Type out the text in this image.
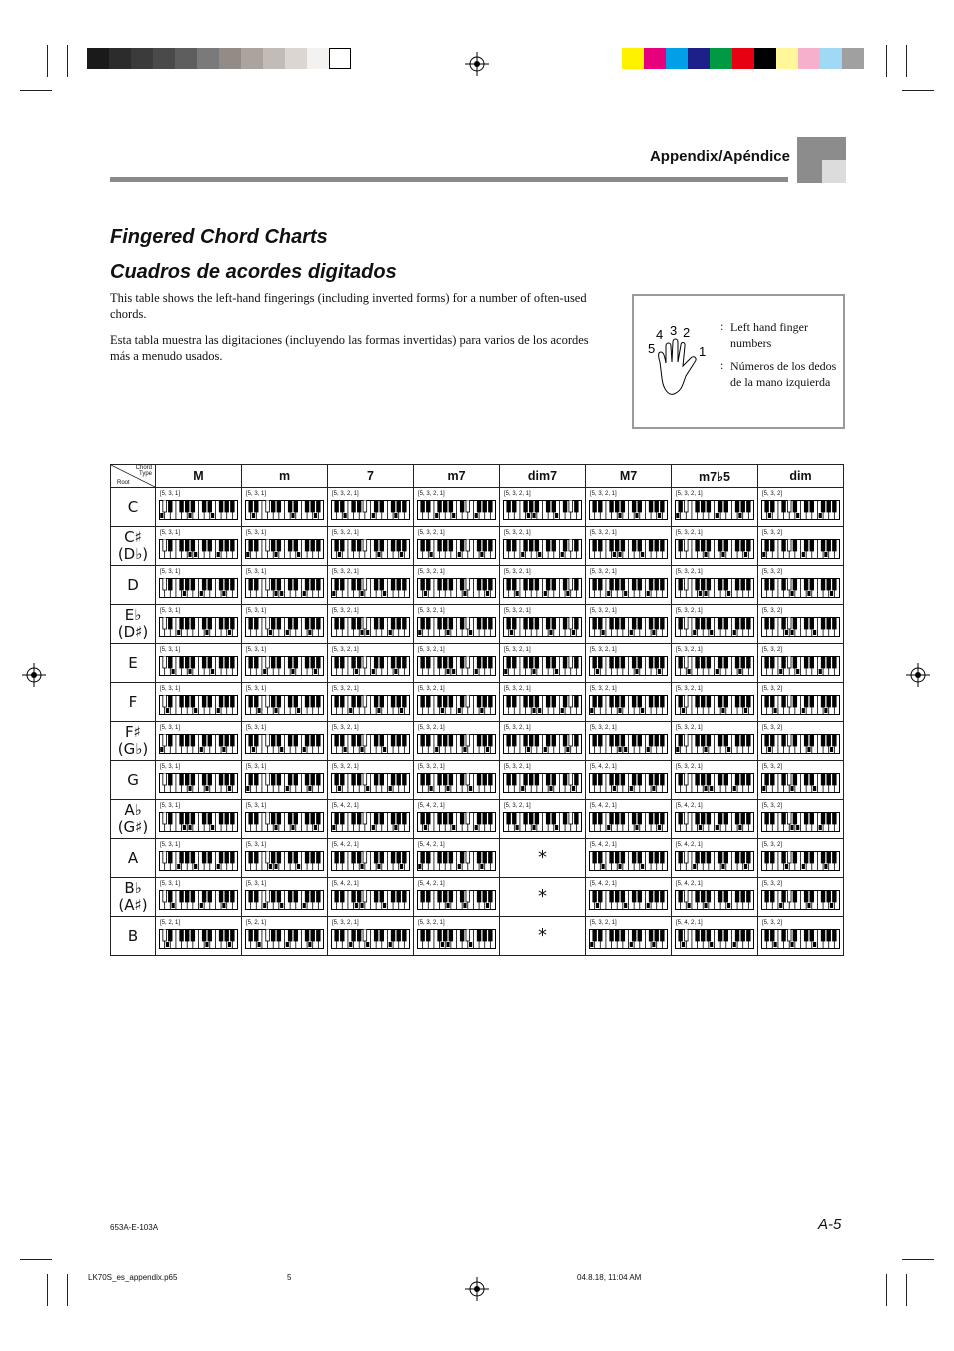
Appendix/Apéndice
Fingered Chord Charts
Cuadros de acordes digitados

This table shows the left-hand fingerings (including inverted forms) for a number of often-used chords.

Esta tabla muestra las digitaciones (incluyendo las formas invertidas) para varios de los acordes más a menudo usados.	5
4 3 2
1
: Left hand finger numbers
: Números de los dedos de la mano izquierda
Chord
Type
Root	M	m	7	m7	dim7	M7	m7♭5	dim

C	[5, 3, 1]	[5, 3, 1]	[5, 3, 2, 1]	[5, 3, 2, 1]	[5, 3, 2, 1]	[5, 3, 2, 1]	[5, 3, 2, 1]	[5, 3, 2]

C♯
(D♭)	[5, 3, 1]	[5, 3, 1]	[5, 3, 2, 1]	[5, 3, 2, 1]	[5, 3, 2, 1]	[5, 3, 2, 1]	[5, 3, 2, 1]	[5, 3, 2]

D	[5, 3, 1]	[5, 3, 1]	[5, 3, 2, 1]	[5, 3, 2, 1]	[5, 3, 2, 1]	[5, 3, 2, 1]	[5, 3, 2, 1]	[5, 3, 2]

E♭
(D♯)	[5, 3, 1]	[5, 3, 1]	[5, 3, 2, 1]	[5, 3, 2, 1]	[5, 3, 2, 1]	[5, 3, 2, 1]	[5, 3, 2, 1]	[5, 3, 2]

E	[5, 3, 1]	[5, 3, 1]	[5, 3, 2, 1]	[5, 3, 2, 1]	[5, 3, 2, 1]	[5, 3, 2, 1]	[5, 3, 2, 1]	[5, 3, 2]

F	[5, 3, 1]	[5, 3, 1]	[5, 3, 2, 1]	[5, 3, 2, 1]	[5, 3, 2, 1]	[5, 3, 2, 1]	[5, 3, 2, 1]	[5, 3, 2]

F♯
(G♭)	[5, 3, 1]	[5, 3, 1]	[5, 3, 2, 1]	[5, 3, 2, 1]	[5, 3, 2, 1]	[5, 3, 2, 1]	[5, 3, 2, 1]	[5, 3, 2]

G	[5, 3, 1]	[5, 3, 1]	[5, 3, 2, 1]	[5, 3, 2, 1]	[5, 3, 2, 1]	[5, 4, 2, 1]	[5, 3, 2, 1]	[5, 3, 2]

A♭
(G♯)	[5, 3, 1]	[5, 3, 1]	[5, 4, 2, 1]	[5, 4, 2, 1]	[5, 3, 2, 1]	[5, 4, 2, 1]	[5, 4, 2, 1]	[5, 3, 2]

A	[5, 3, 1]	[5, 3, 1]	[5, 4, 2, 1]	[5, 4, 2, 1]	*	[5, 4, 2, 1]	[5, 4, 2, 1]	[5, 3, 2]

B♭
(A♯)	[5, 3, 1]	[5, 3, 1]	[5, 4, 2, 1]	[5, 4, 2, 1]	*	[5, 4, 2, 1]	[5, 4, 2, 1]	[5, 3, 2]

B	[5, 2, 1]	[5, 2, 1]	[5, 3, 2, 1]	[5, 3, 2, 1]	*	[5, 3, 2, 1]	[5, 4, 2, 1]	[5, 3, 2]
653A-E-103A	A-5
LK70S_es_appendix.p65	5	04.8.18, 11:04 AM
